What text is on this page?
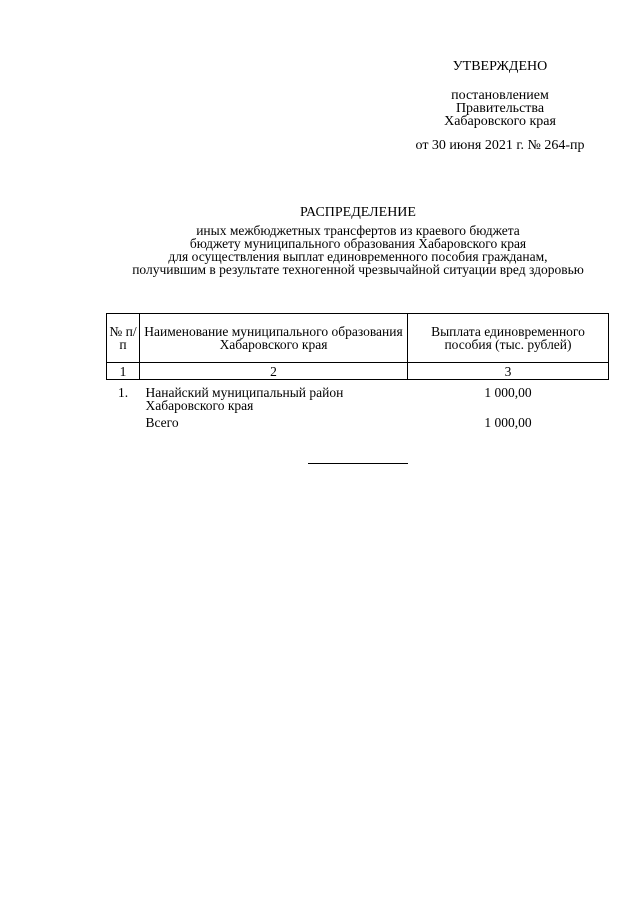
УТВЕРЖДЕНО
постановлением
Правительства
Хабаровского края
от 30 июня 2021 г. № 264-пр
РАСПРЕДЕЛЕНИЕ
иных межбюджетных трансфертов из краевого бюджета
бюджету муниципального образования Хабаровского края
для осуществления выплат единовременного пособия гражданам,
получившим в результате техногенной чрезвычайной ситуации вред здоровью
№ п/п	Наименование муниципального образования Хабаровского края	Выплата единовременного пособия (тыс. рублей)
1	2	3
1.	Нанайский муниципальный район Хабаровского края	1 000,00
	Всего	1 000,00
